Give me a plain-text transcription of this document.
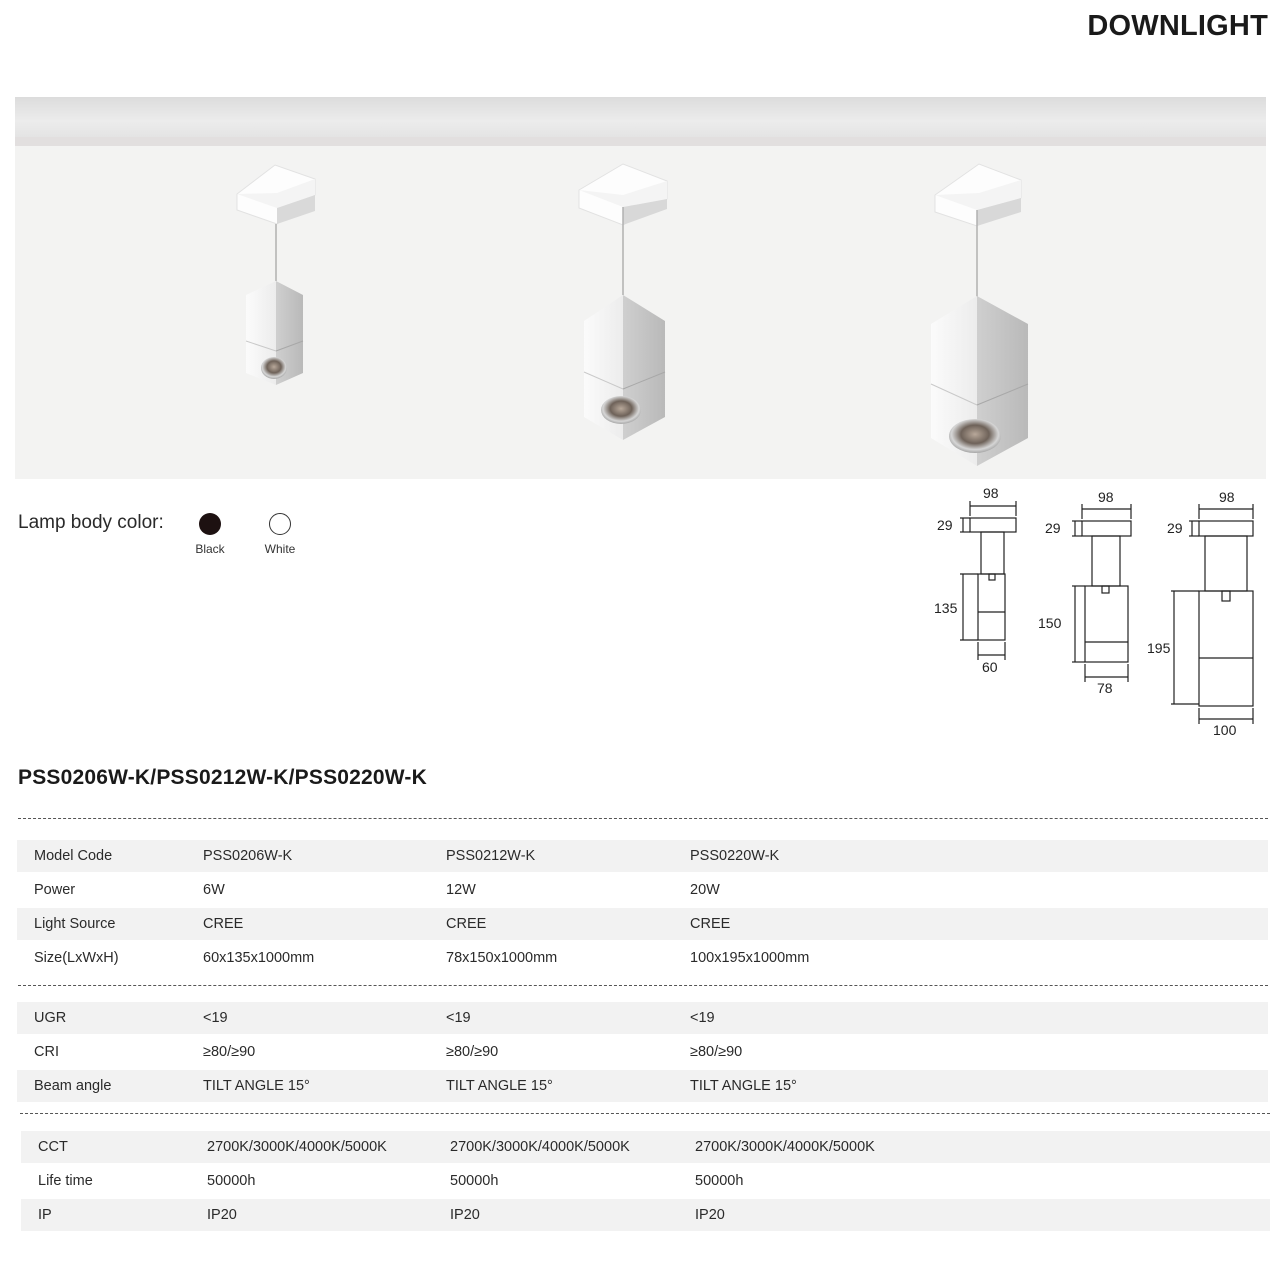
DOWNLIGHT
Lamp body color:
Black	White
98
29
135
60
98
29
150
78
98
29
195
100
PSS0206W-K/PSS0212W-K/PSS0220W-K
Model Code	PSS0206W-K	PSS0212W-K	PSS0220W-K
Power	6W	12W	20W
Light Source	CREE	CREE	CREE
Size(LxWxH)	60x135x1000mm	78x150x1000mm	100x195x1000mm
UGR	<19	<19	<19
CRI	≥80/≥90	≥80/≥90	≥80/≥90
Beam angle	TILT ANGLE 15°	TILT ANGLE 15°	TILT ANGLE 15°
CCT	2700K/3000K/4000K/5000K	2700K/3000K/4000K/5000K	2700K/3000K/4000K/5000K
Life time	50000h	50000h	50000h
IP	IP20	IP20	IP20
